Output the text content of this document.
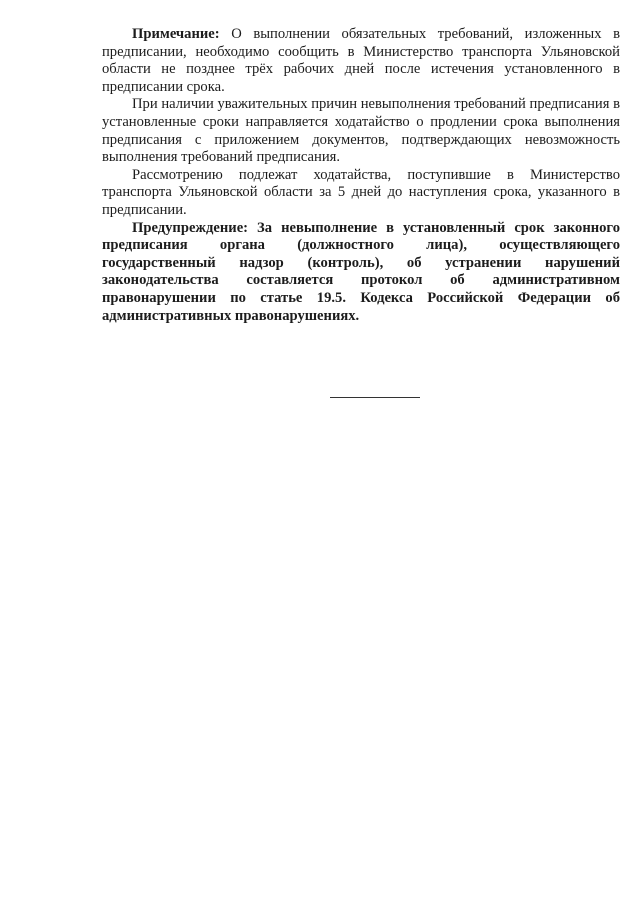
Примечание: О выполнении обязательных требований, изложенных в предписании, необходимо сообщить в Министерство транспорта Ульяновской области не позднее трёх рабочих дней после истечения установленного в предписании срока.

При наличии уважительных причин невыполнения требований предписания в установленные сроки направляется ходатайство о продлении срока выполнения предписания с приложением документов, подтверждающих невозможность выполнения требований предписания.

Рассмотрению подлежат ходатайства, поступившие в Министерство транспорта Ульяновской области за 5 дней до наступления срока, указанного в предписании.

Предупреждение: За невыполнение в установленный срок законного предписания органа (должностного лица), осуществляющего государственный надзор (контроль), об устранении нарушений законодательства составляется протокол об административном правонарушении по статье 19.5. Кодекса Российской Федерации об административных правонарушениях.
